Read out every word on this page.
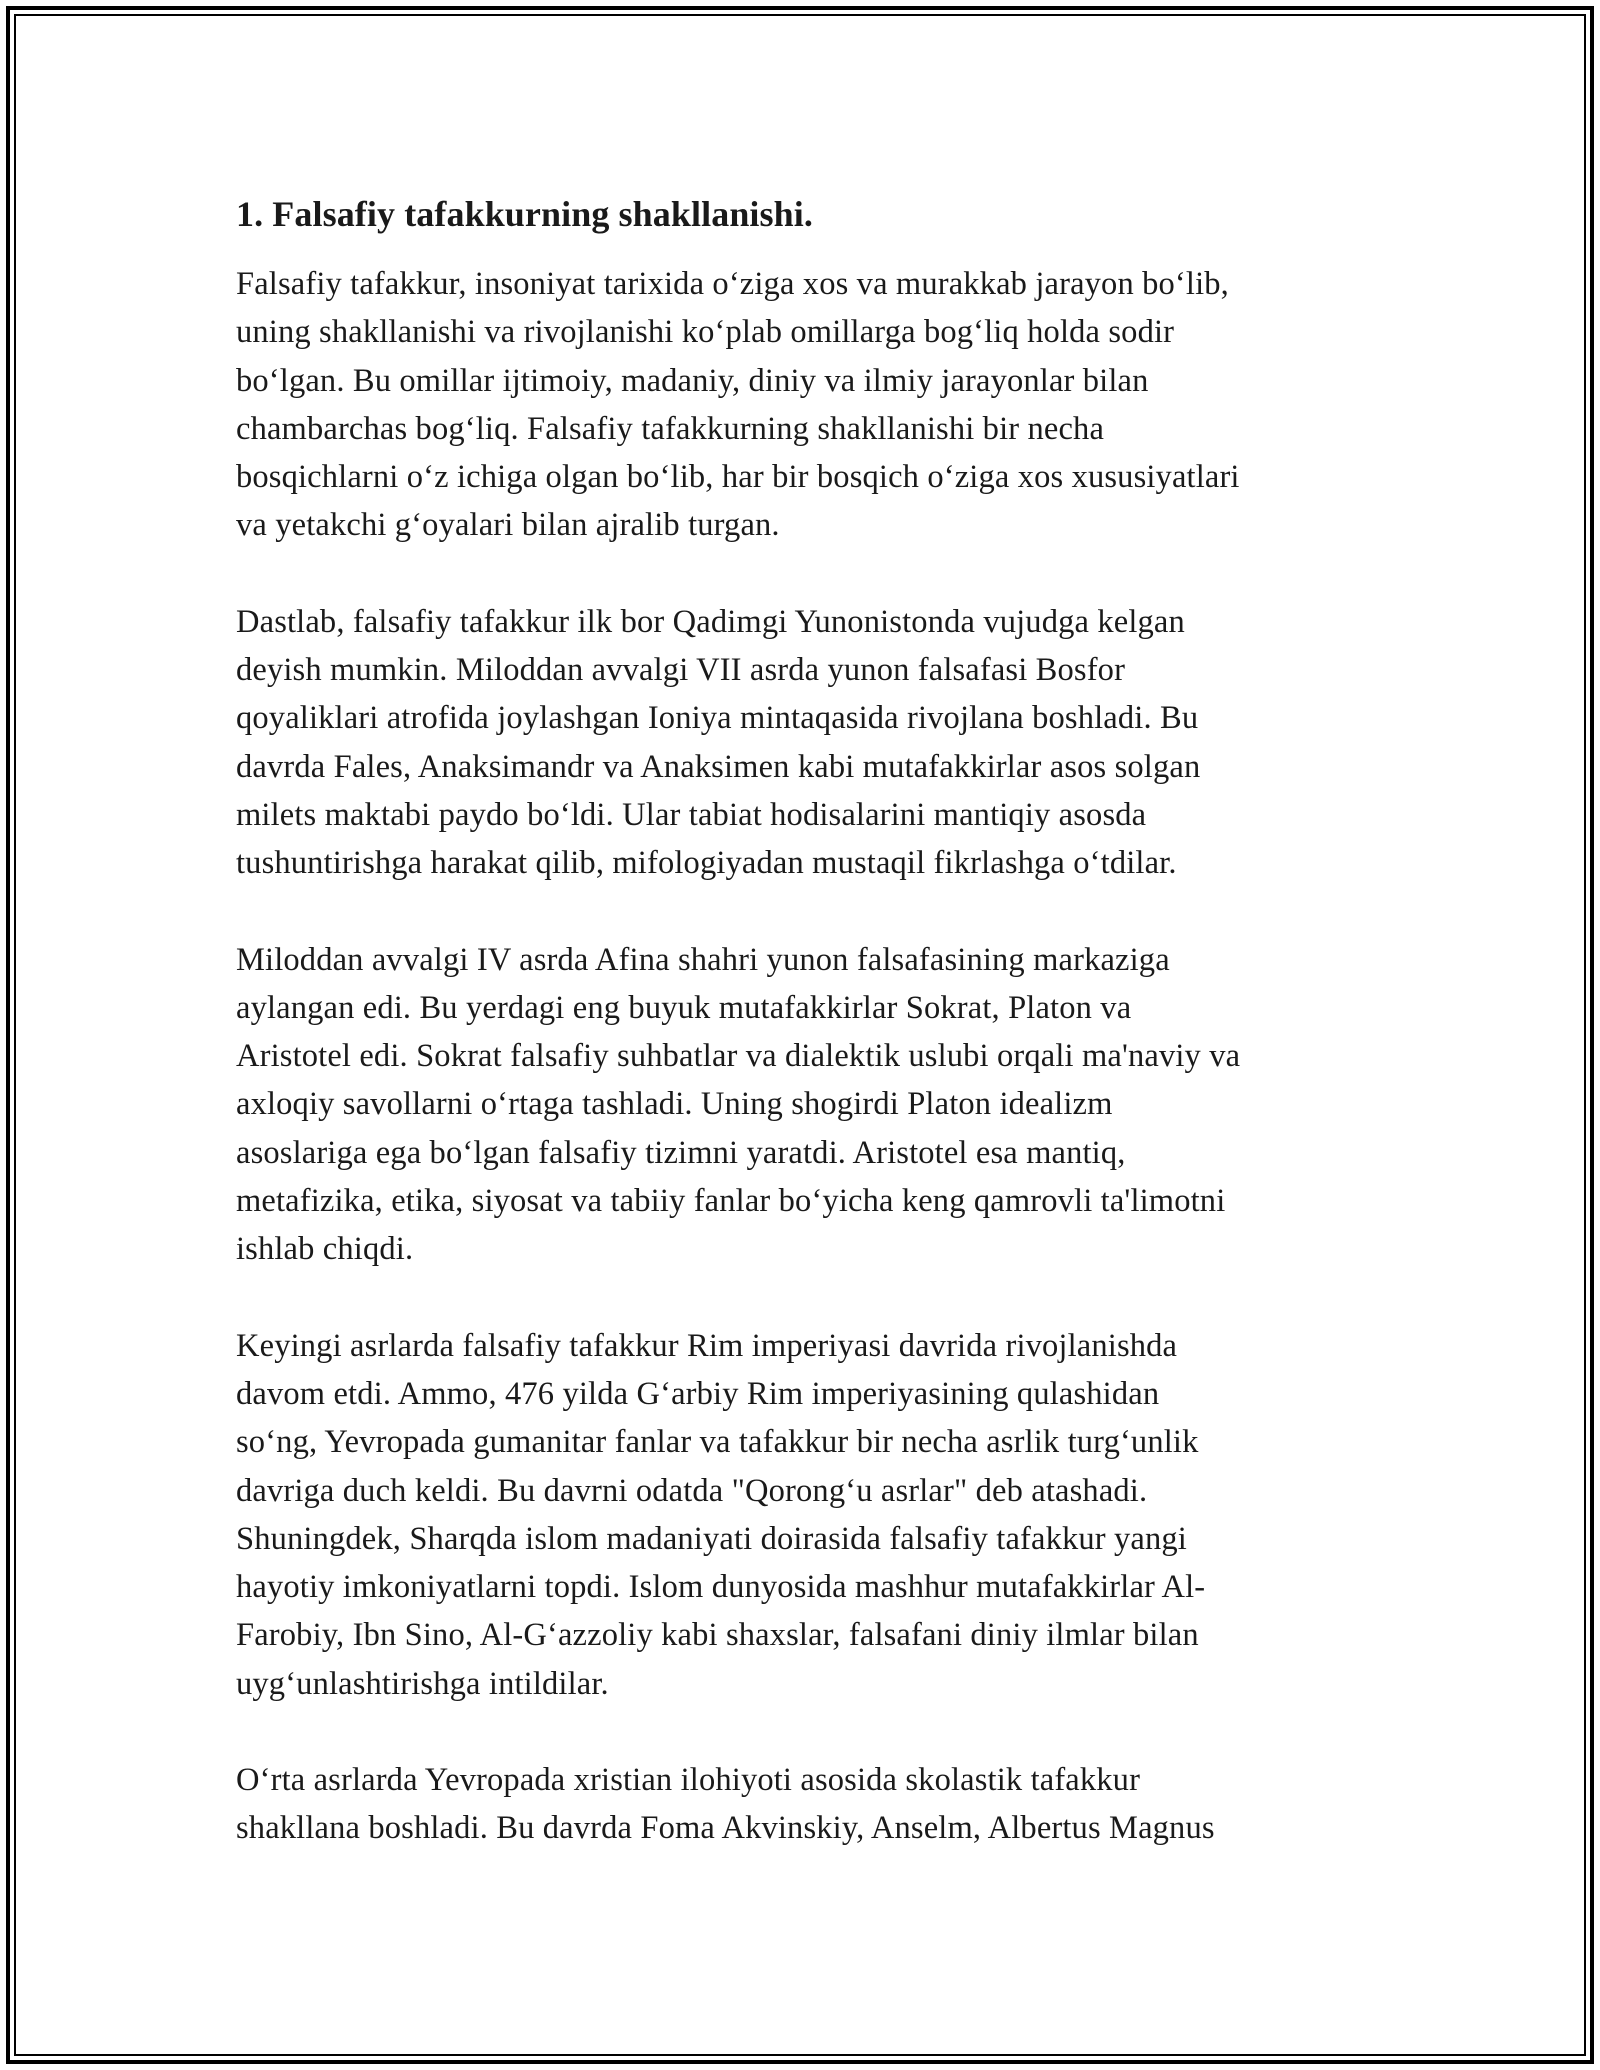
1. Falsafiy tafakkurning shakllanishi.

Falsafiy tafakkur, insoniyat tarixida o‘ziga xos va murakkab jarayon bo‘lib,
uning shakllanishi va rivojlanishi ko‘plab omillarga bog‘liq holda sodir
bo‘lgan. Bu omillar ijtimoiy, madaniy, diniy va ilmiy jarayonlar bilan
chambarchas bog‘liq. Falsafiy tafakkurning shakllanishi bir necha
bosqichlarni o‘z ichiga olgan bo‘lib, har bir bosqich o‘ziga xos xususiyatlari
va yetakchi g‘oyalari bilan ajralib turgan.

Dastlab, falsafiy tafakkur ilk bor Qadimgi Yunonistonda vujudga kelgan
deyish mumkin. Miloddan avvalgi VII asrda yunon falsafasi Bosfor
qoyaliklari atrofida joylashgan Ioniya mintaqasida rivojlana boshladi. Bu
davrda Fales, Anaksimandr va Anaksimen kabi mutafakkirlar asos solgan
milets maktabi paydo bo‘ldi. Ular tabiat hodisalarini mantiqiy asosda
tushuntirishga harakat qilib, mifologiyadan mustaqil fikrlashga o‘tdilar.

Miloddan avvalgi IV asrda Afina shahri yunon falsafasining markaziga
aylangan edi. Bu yerdagi eng buyuk mutafakkirlar Sokrat, Platon va
Aristotel edi. Sokrat falsafiy suhbatlar va dialektik uslubi orqali ma'naviy va
axloqiy savollarni o‘rtaga tashladi. Uning shogirdi Platon idealizm
asoslariga ega bo‘lgan falsafiy tizimni yaratdi. Aristotel esa mantiq,
metafizika, etika, siyosat va tabiiy fanlar bo‘yicha keng qamrovli ta'limotni
ishlab chiqdi.

Keyingi asrlarda falsafiy tafakkur Rim imperiyasi davrida rivojlanishda
davom etdi. Ammo, 476 yilda G‘arbiy Rim imperiyasining qulashidan
so‘ng, Yevropada gumanitar fanlar va tafakkur bir necha asrlik turg‘unlik
davriga duch keldi. Bu davrni odatda "Qorong‘u asrlar" deb atashadi.
Shuningdek, Sharqda islom madaniyati doirasida falsafiy tafakkur yangi
hayotiy imkoniyatlarni topdi. Islom dunyosida mashhur mutafakkirlar Al-
Farobiy, Ibn Sino, Al-G‘azzoliy kabi shaxslar, falsafani diniy ilmlar bilan
uyg‘unlashtirishga intildilar.

O‘rta asrlarda Yevropada xristian ilohiyoti asosida skolastik tafakkur
shakllana boshladi. Bu davrda Foma Akvinskiy, Anselm, Albertus Magnus
